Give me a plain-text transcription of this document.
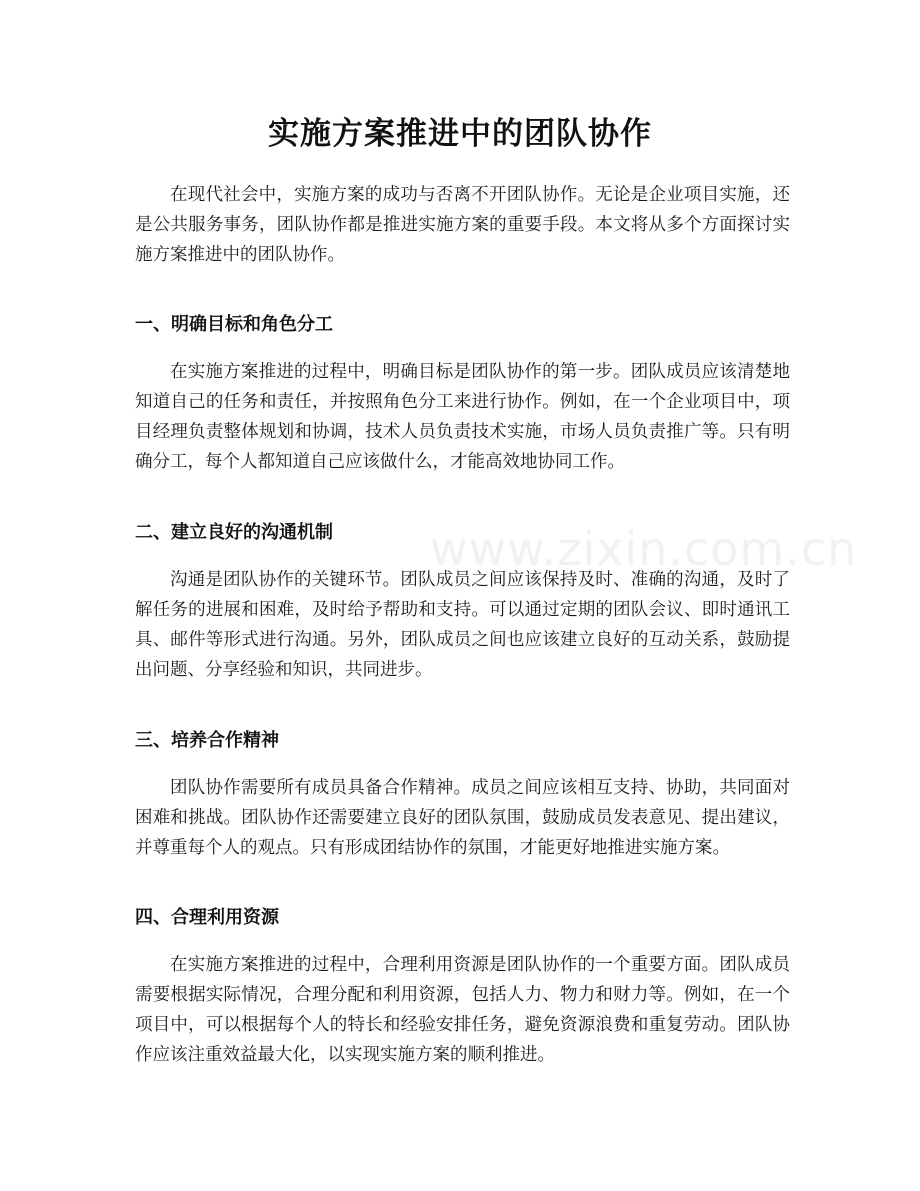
www.zixin.com.cn
实施方案推进中的团队协作

在现代社会中，实施方案的成功与否离不开团队协作。无论是企业项目实施，还是公共服务事务，团队协作都是推进实施方案的重要手段。本文将从多个方面探讨实施方案推进中的团队协作。

一、明确目标和角色分工

在实施方案推进的过程中，明确目标是团队协作的第一步。团队成员应该清楚地知道自己的任务和责任，并按照角色分工来进行协作。例如，在一个企业项目中，项目经理负责整体规划和协调，技术人员负责技术实施，市场人员负责推广等。只有明确分工，每个人都知道自己应该做什么，才能高效地协同工作。

二、建立良好的沟通机制

沟通是团队协作的关键环节。团队成员之间应该保持及时、准确的沟通，及时了解任务的进展和困难，及时给予帮助和支持。可以通过定期的团队会议、即时通讯工具、邮件等形式进行沟通。另外，团队成员之间也应该建立良好的互动关系，鼓励提出问题、分享经验和知识，共同进步。

三、培养合作精神

团队协作需要所有成员具备合作精神。成员之间应该相互支持、协助，共同面对困难和挑战。团队协作还需要建立良好的团队氛围，鼓励成员发表意见、提出建议，并尊重每个人的观点。只有形成团结协作的氛围，才能更好地推进实施方案。

四、合理利用资源

在实施方案推进的过程中，合理利用资源是团队协作的一个重要方面。团队成员需要根据实际情况，合理分配和利用资源，包括人力、物力和财力等。例如，在一个项目中，可以根据每个人的特长和经验安排任务，避免资源浪费和重复劳动。团队协作应该注重效益最大化，以实现实施方案的顺利推进。
